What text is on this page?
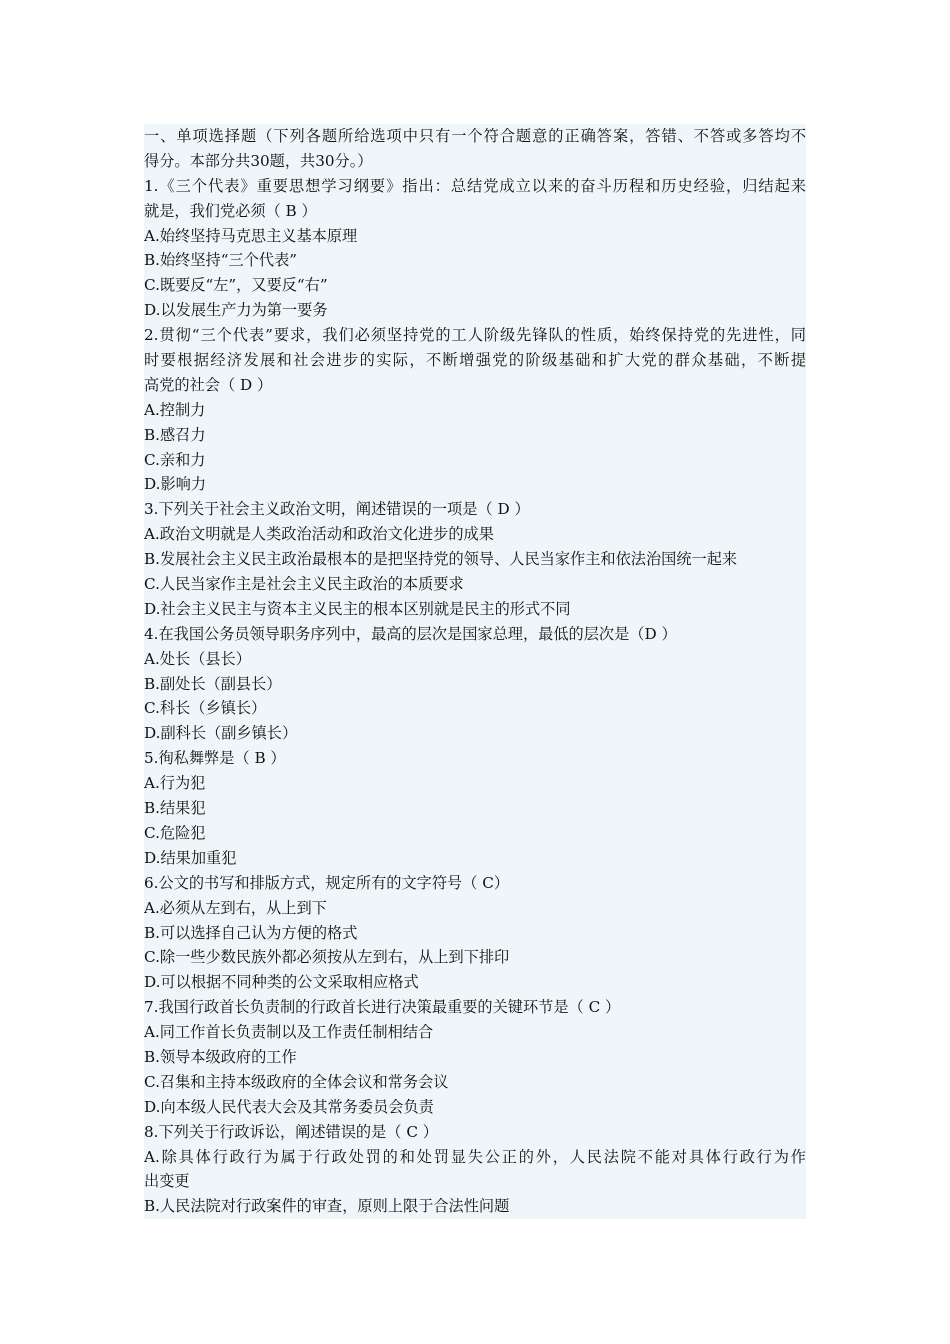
一、单项选择题（下列各题所给选项中只有一个符合题意的正确答案，答错、不答或多答均不
得分。本部分共30题，共30分。）
1.《三个代表》重要思想学习纲要》指出：总结党成立以来的奋斗历程和历史经验，归结起来
就是，我们党必须（ B ）
A.始终坚持马克思主义基本原理
B.始终坚持“三个代表”
C.既要反“左”，又要反“右”
D.以发展生产力为第一要务
2.贯彻“三个代表”要求，我们必须坚持党的工人阶级先锋队的性质，始终保持党的先进性，同
时要根据经济发展和社会进步的实际，不断增强党的阶级基础和扩大党的群众基础，不断提
高党的社会（ D ）
A.控制力
B.感召力
C.亲和力
D.影响力
3.下列关于社会主义政治文明，阐述错误的一项是（ D ）
A.政治文明就是人类政治活动和政治文化进步的成果
B.发展社会主义民主政治最根本的是把坚持党的领导、人民当家作主和依法治国统一起来
C.人民当家作主是社会主义民主政治的本质要求
D.社会主义民主与资本主义民主的根本区别就是民主的形式不同
4.在我国公务员领导职务序列中，最高的层次是国家总理，最低的层次是（D ）
A.处长（县长）
B.副处长（副县长）
C.科长（乡镇长）
D.副科长（副乡镇长）
5.徇私舞弊是（ B ）
A.行为犯
B.结果犯
C.危险犯
D.结果加重犯
6.公文的书写和排版方式，规定所有的文字符号（ C）
A.必须从左到右，从上到下
B.可以选择自己认为方便的格式
C.除一些少数民族外都必须按从左到右，从上到下排印
D.可以根据不同种类的公文采取相应格式
7.我国行政首长负责制的行政首长进行决策最重要的关键环节是（ C ）
A.同工作首长负责制以及工作责任制相结合
B.领导本级政府的工作
C.召集和主持本级政府的全体会议和常务会议
D.向本级人民代表大会及其常务委员会负责
8.下列关于行政诉讼，阐述错误的是（ C ）
A.除具体行政行为属于行政处罚的和处罚显失公正的外，人民法院不能对具体行政行为作
出变更
B.人民法院对行政案件的审查，原则上限于合法性问题
